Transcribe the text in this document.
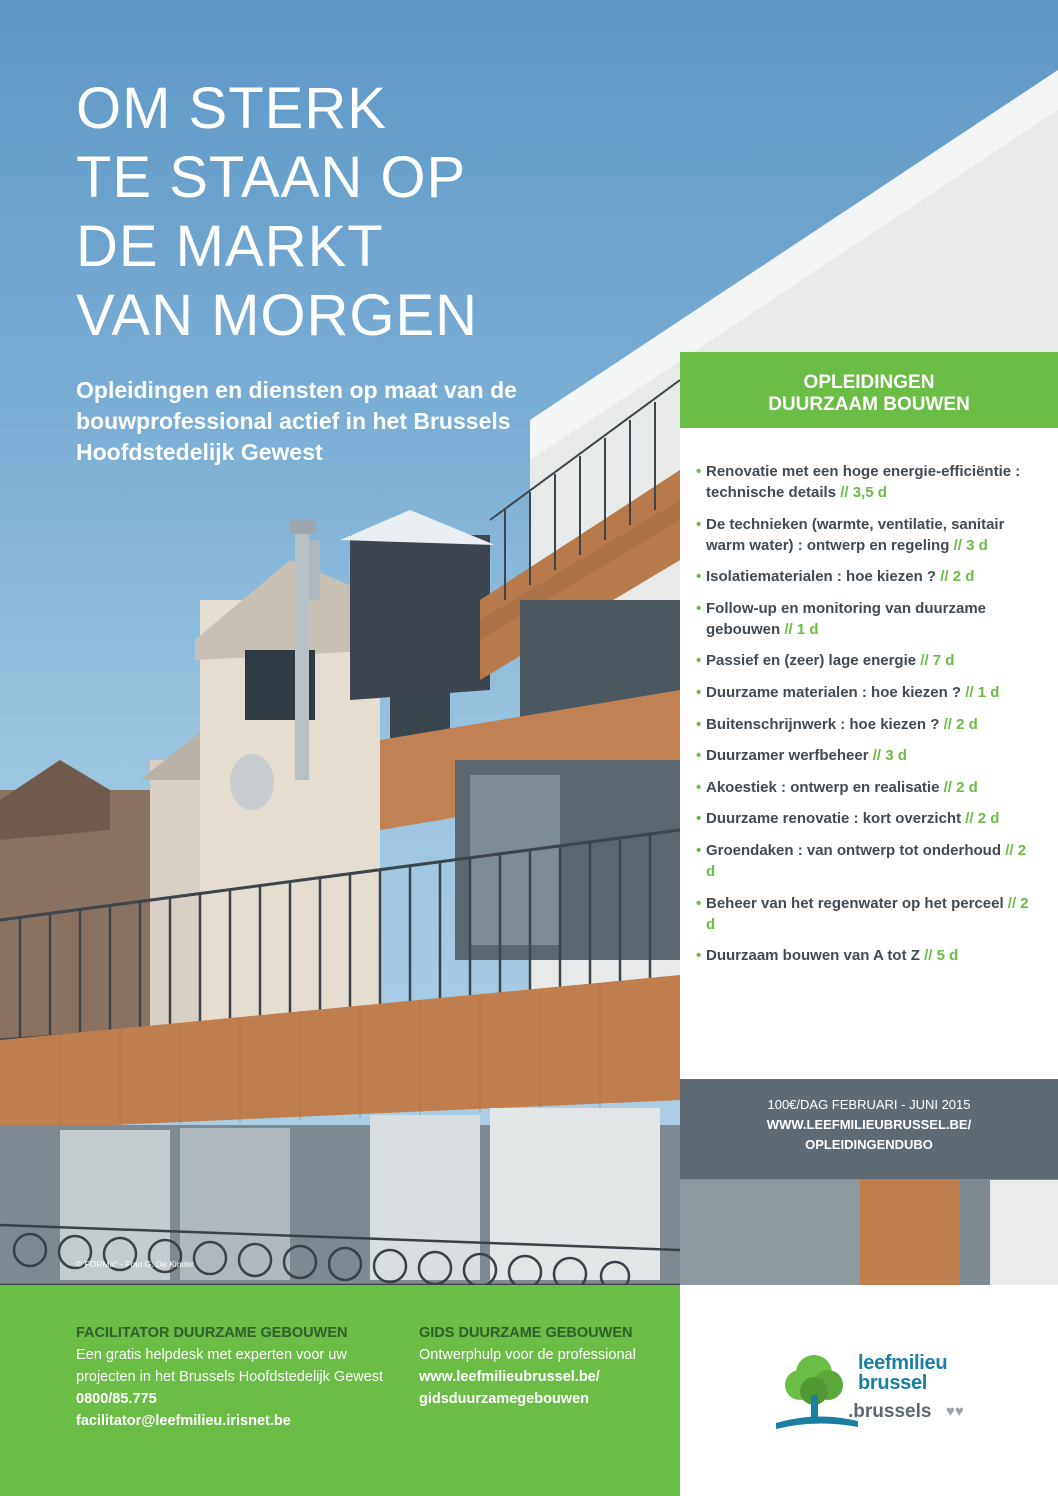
OM STERK
TE STAAN OP
DE MARKT
VAN MORGEN

Opleidingen en diensten op maat van de bouwprofessional actief in het Brussels Hoofdstedelijk Gewest

© FORMa° - Foto G. De Kinder
OPLEIDINGEN
DUURZAAM BOUWEN
• Renovatie met een hoge energie-efficiëntie : technische details // 3,5 d
• De technieken (warmte, ventilatie, sanitair warm water) : ontwerp en regeling // 3 d
• Isolatiematerialen : hoe kiezen ? // 2 d
• Follow-up en monitoring van duurzame gebouwen // 1 d
• Passief en (zeer) lage energie // 7 d
• Duurzame materialen : hoe kiezen ? // 1 d
• Buitenschrijnwerk : hoe kiezen ? // 2 d
• Duurzamer werfbeheer // 3 d
• Akoestiek : ontwerp en realisatie // 2 d
• Duurzame renovatie : kort overzicht // 2 d
• Groendaken : van ontwerp tot onderhoud // 2 d
• Beheer van het regenwater op het perceel // 2 d
• Duurzaam bouwen van A tot Z // 5 d
100€/DAG FEBRUARI - JUNI 2015
WWW.LEEFMILIEUBRUSSEL.BE/
OPLEIDINGENDUBO
FACILITATOR DUURZAME GEBOUWEN
Een gratis helpdesk met experten voor uw
projecten in het Brussels Hoofdstedelijk Gewest
0800/85.775
facilitator@leefmilieu.irisnet.be
GIDS DUURZAME GEBOUWEN
Ontwerphulp voor de professional
www.leefmilieubrussel.be/
gidsduurzamegebouwen
leefmilieu
brussel
.brussels ♥♥
